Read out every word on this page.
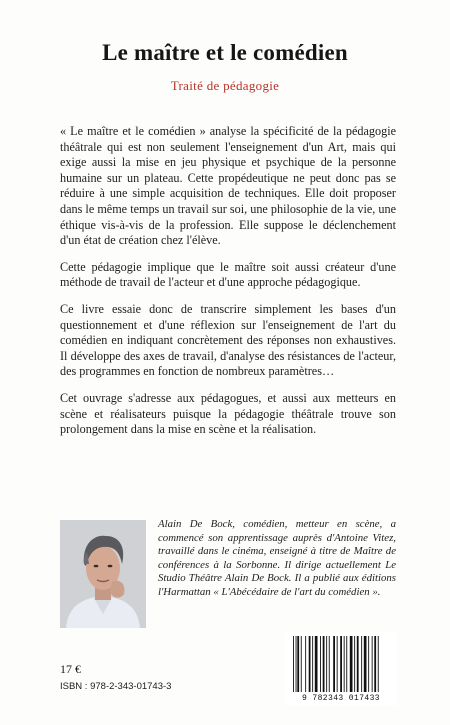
Le maître et le comédien
Traité de pédagogie

« Le maître et le comédien » analyse la spécificité de la pédagogie théâtrale qui est non seulement l'enseignement d'un Art, mais qui exige aussi la mise en jeu physique et psychique de la personne humaine sur un plateau. Cette propédeutique ne peut donc pas se réduire à une simple acquisition de techniques. Elle doit proposer dans le même temps un travail sur soi, une philosophie de la vie, une éthique vis-à-vis de la profession. Elle suppose le déclenchement d'un état de création chez l'élève.

Cette pédagogie implique que le maître soit aussi créateur d'une méthode de travail de l'acteur et d'une approche pédagogique.

Ce livre essaie donc de transcrire simplement les bases d'un questionnement et d'une réflexion sur l'enseignement de l'art du comédien en indiquant concrètement des réponses non exhaustives. Il développe des axes de travail, d'analyse des résistances de l'acteur, des programmes en fonction de nombreux paramètres…

Cet ouvrage s'adresse aux pédagogues, et aussi aux metteurs en scène et réalisateurs puisque la pédagogie théâtrale trouve son prolongement dans la mise en scène et la réalisation.

Alain De Bock, comédien, metteur en scène, a commencé son apprentissage auprès d'Antoine Vitez, travaillé dans le cinéma, enseigné à titre de Maître de conférences à la Sorbonne. Il dirige actuellement Le Studio Théâtre Alain De Bock. Il a publié aux éditions l'Harmattan « L'Abécédaire de l'art du comédien ».
17 €
ISBN : 978-2-343-01743-3
9 782343 017433
